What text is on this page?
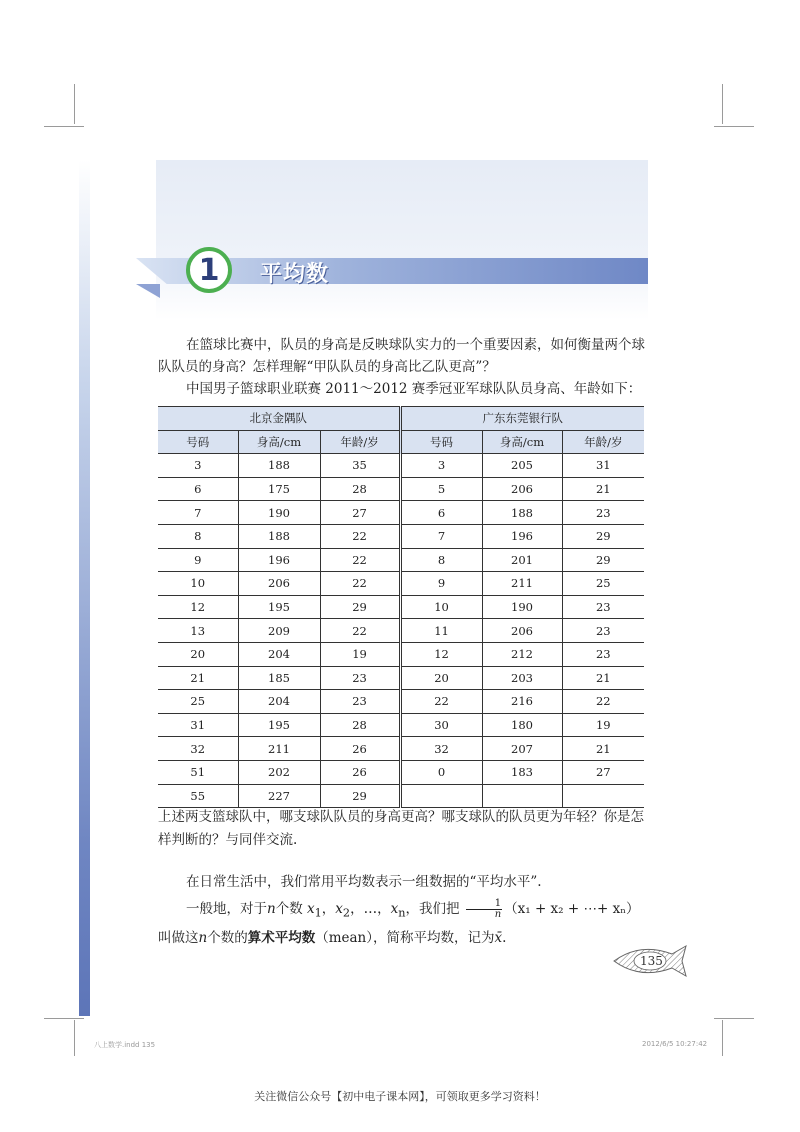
1	平均数

在篮球比赛中，队员的身高是反映球队实力的一个重要因素，如何衡量两个球队队员的身高？怎样理解“甲队队员的身高比乙队更高”？

中国男子篮球职业联赛 2011～2012 赛季冠亚军球队队员身高、年龄如下：

北京金隅队			广东东莞银行队		
号码	身高/cm	年龄/岁	号码	身高/cm	年龄/岁
3	188	35	3	205	31
6	175	28	5	206	21
7	190	27	6	188	23
8	188	22	7	196	29
9	196	22	8	201	29
10	206	22	9	211	25
12	195	29	10	190	23
13	209	22	11	206	23
20	204	19	12	212	23
21	185	23	20	203	21
25	204	23	22	216	22
31	195	28	30	180	19
32	211	26	32	207	21
51	202	26	0	183	27
55	227	29			

上述两支篮球队中，哪支球队队员的身高更高？哪支球队的队员更为年轻？你是怎样判断的？与同伴交流.

在日常生活中，我们常用平均数表示一组数据的“平均水平”.

一般地，对于n个数 $x_1$，$x_2$，…，$x_n$，我们把 $\frac{1}{n} (x_1 + x_2$ + ⋯+ xₙ）叫做这n个数的算术平均数（mean），简称平均数，记为x̄.

135
八上数学.indd 135	2012/6/5 10:27:42
关注微信公众号【初中电子课本网】，可领取更多学习资料！
